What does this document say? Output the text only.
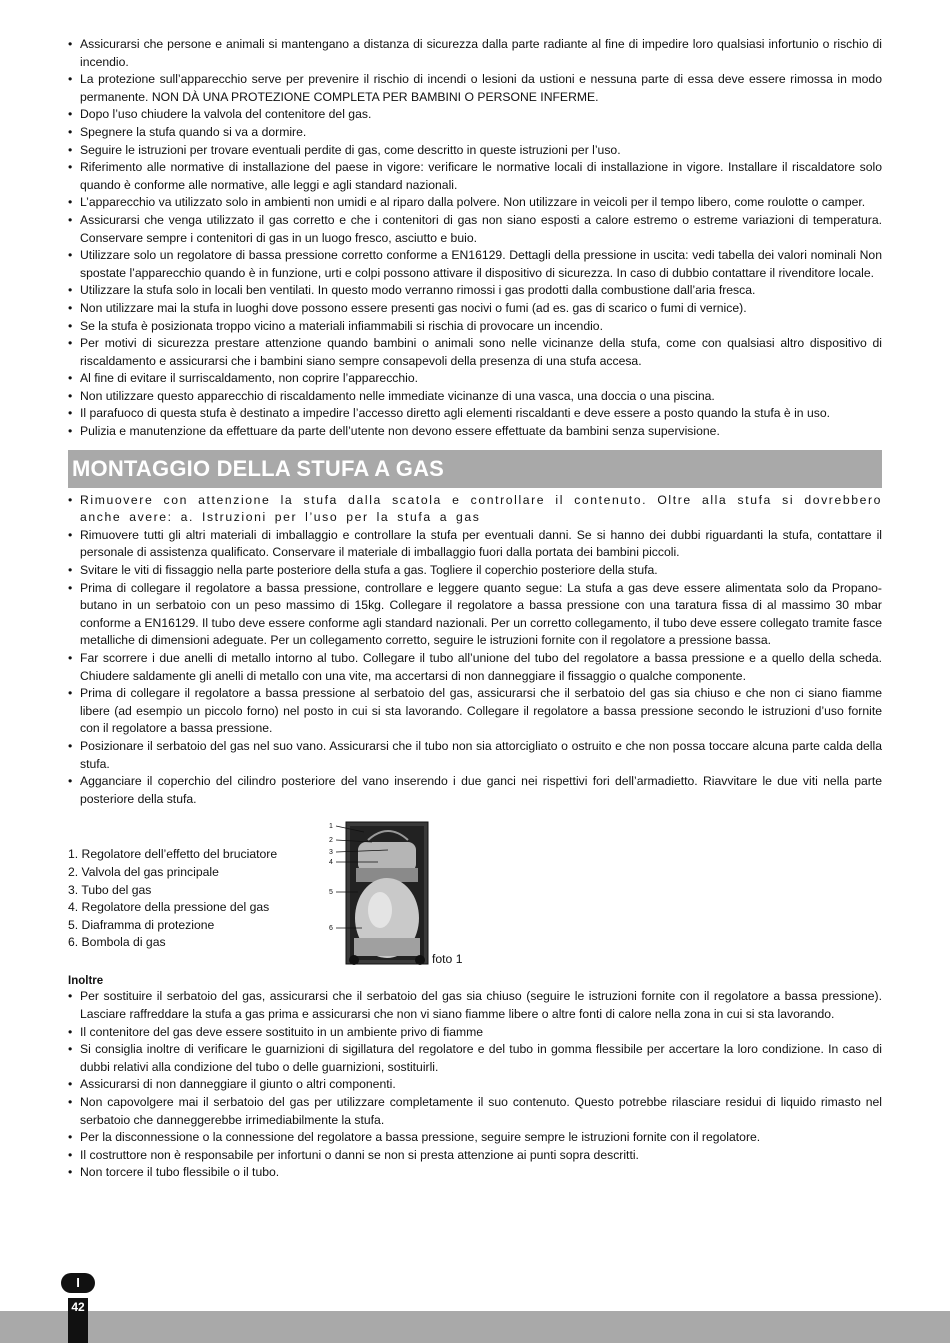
• Assicurarsi che persone e animali si mantengano a distanza di sicurezza dalla parte radiante al fine di impedire loro qualsiasi infortunio o rischio di incendio.
• La protezione sull’apparecchio serve per prevenire il rischio di incendi o lesioni da ustioni e nessuna parte di essa deve essere rimossa in modo permanente. NON DÀ UNA PROTEZIONE COMPLETA PER BAMBINI O PERSONE INFERME.
• Dopo l’uso chiudere la valvola del contenitore del gas.
• Spegnere la stufa quando si va a dormire.
• Seguire le istruzioni per trovare eventuali perdite di gas, come descritto in queste istruzioni per l’uso.
• Riferimento alle normative di installazione del paese in vigore: verificare le normative locali di installazione in vigore. Installare il riscaldatore solo quando è conforme alle normative, alle leggi e agli standard nazionali.
• L’apparecchio va utilizzato solo in ambienti non umidi e al riparo dalla polvere. Non utilizzare in veicoli per il tempo libero, come roulotte o camper.
• Assicurarsi che venga utilizzato il gas corretto e che i contenitori di gas non siano esposti a calore estremo o estreme variazioni di temperatura. Conservare sempre i contenitori di gas in un luogo fresco, asciutto e buio.
• Utilizzare solo un regolatore di bassa pressione corretto conforme a EN16129. Dettagli della pressione in uscita: vedi tabella dei valori nominali Non spostate l’apparecchio quando è in funzione, urti e colpi possono attivare il dispositivo di sicurezza. In caso di dubbio contattare il rivenditore locale.
• Utilizzare la stufa solo in locali ben ventilati. In questo modo verranno rimossi i gas prodotti dalla combustione dall’aria fresca.
• Non utilizzare mai la stufa in luoghi dove possono essere presenti gas nocivi o fumi (ad es. gas di scarico o fumi di vernice).
• Se la stufa è posizionata troppo vicino a materiali infiammabili si rischia di provocare un incendio.
• Per motivi di sicurezza prestare attenzione quando bambini o animali sono nelle vicinanze della stufa, come con qualsiasi altro dispositivo di riscaldamento e assicurarsi che i bambini siano sempre consapevoli della presenza di una stufa accesa.
• Al fine di evitare il surriscaldamento, non coprire l’apparecchio.
• Non utilizzare questo apparecchio di riscaldamento nelle immediate vicinanze di una vasca, una doccia o una piscina.
• Il parafuoco di questa stufa è destinato a impedire l’accesso diretto agli elementi riscaldanti e deve essere a posto quando la stufa è in uso.
• Pulizia e manutenzione da effettuare da parte dell’utente non devono essere effettuate da bambini senza supervisione.
MONTAGGIO DELLA STUFA A GAS
• Rimuovere con attenzione la stufa dalla scatola e controllare il contenuto. Oltre alla stufa si dovrebbero anche avere: a. Istruzioni per l’uso per la stufa a gas
• Rimuovere tutti gli altri materiali di imballaggio e controllare la stufa per eventuali danni. Se si hanno dei dubbi riguardanti la stufa, contattare il personale di assistenza qualificato. Conservare il materiale di imballaggio fuori dalla portata dei bambini piccoli.
• Svitare le viti di fissaggio nella parte posteriore della stufa a gas. Togliere il coperchio posteriore della stufa.
• Prima di collegare il regolatore a bassa pressione, controllare e leggere quanto segue: La stufa a gas deve essere alimentata solo da Propano-butano in un serbatoio con un peso massimo di 15kg. Collegare il regolatore a bassa pressione con una taratura fissa di al massimo 30 mbar conforme a EN16129. Il tubo deve essere conforme agli standard nazionali. Per un corretto collegamento, il tubo deve essere collegato tramite fasce metalliche di dimensioni adeguate. Per un collegamento corretto, seguire le istruzioni fornite con il regolatore a pressione bassa.
• Far scorrere i due anelli di metallo intorno al tubo. Collegare il tubo all’unione del tubo del regolatore a bassa pressione e a quello della scheda. Chiudere saldamente gli anelli di metallo con una vite, ma accertarsi di non danneggiare il fissaggio o qualche componente.
• Prima di collegare il regolatore a bassa pressione al serbatoio del gas, assicurarsi che il serbatoio del gas sia chiuso e che non ci siano fiamme libere (ad esempio un piccolo forno) nel posto in cui si sta lavorando. Collegare il regolatore a bassa pressione secondo le istruzioni d’uso fornite con il regolatore a bassa pressione.
• Posizionare il serbatoio del gas nel suo vano. Assicurarsi che il tubo non sia attorcigliato o ostruito e che non possa toccare alcuna parte calda della stufa.
• Agganciare il coperchio del cilindro posteriore del vano inserendo i due ganci nei rispettivi fori dell’armadietto. Riavvitare le due viti nella parte posteriore della stufa.
1. Regolatore dell’effetto del bruciatore
2. Valvola del gas principale
3. Tubo del gas
4. Regolatore della pressione del gas
5. Diaframma di protezione
6. Bombola di gas
1
2
3
4
5
6
foto 1
Inoltre
• Per sostituire il serbatoio del gas, assicurarsi che il serbatoio del gas sia chiuso (seguire le istruzioni fornite con il regolatore a bassa pressione). Lasciare raffreddare la stufa a gas prima e assicurarsi che non vi siano fiamme libere o altre fonti di calore nella zona in cui si sta lavorando.
• Il contenitore del gas deve essere sostituito in un ambiente privo di fiamme
• Si consiglia inoltre di verificare le guarnizioni di sigillatura del regolatore e del tubo in gomma flessibile per accertare la loro condizione. In caso di dubbi relativi alla condizione del tubo o delle guarnizioni, sostituirli.
• Assicurarsi di non danneggiare il giunto o altri componenti.
• Non capovolgere mai il serbatoio del gas per utilizzare completamente il suo contenuto. Questo potrebbe rilasciare residui di liquido rimasto nel serbatoio che danneggerebbe irrimediabilmente la stufa.
• Per la disconnessione o la connessione del regolatore a bassa pressione, seguire sempre le istruzioni fornite con il regolatore.
• Il costruttore non è responsabile per infortuni o danni se non si presta attenzione ai punti sopra descritti.
• Non torcere il tubo flessibile o il tubo.
I
42
